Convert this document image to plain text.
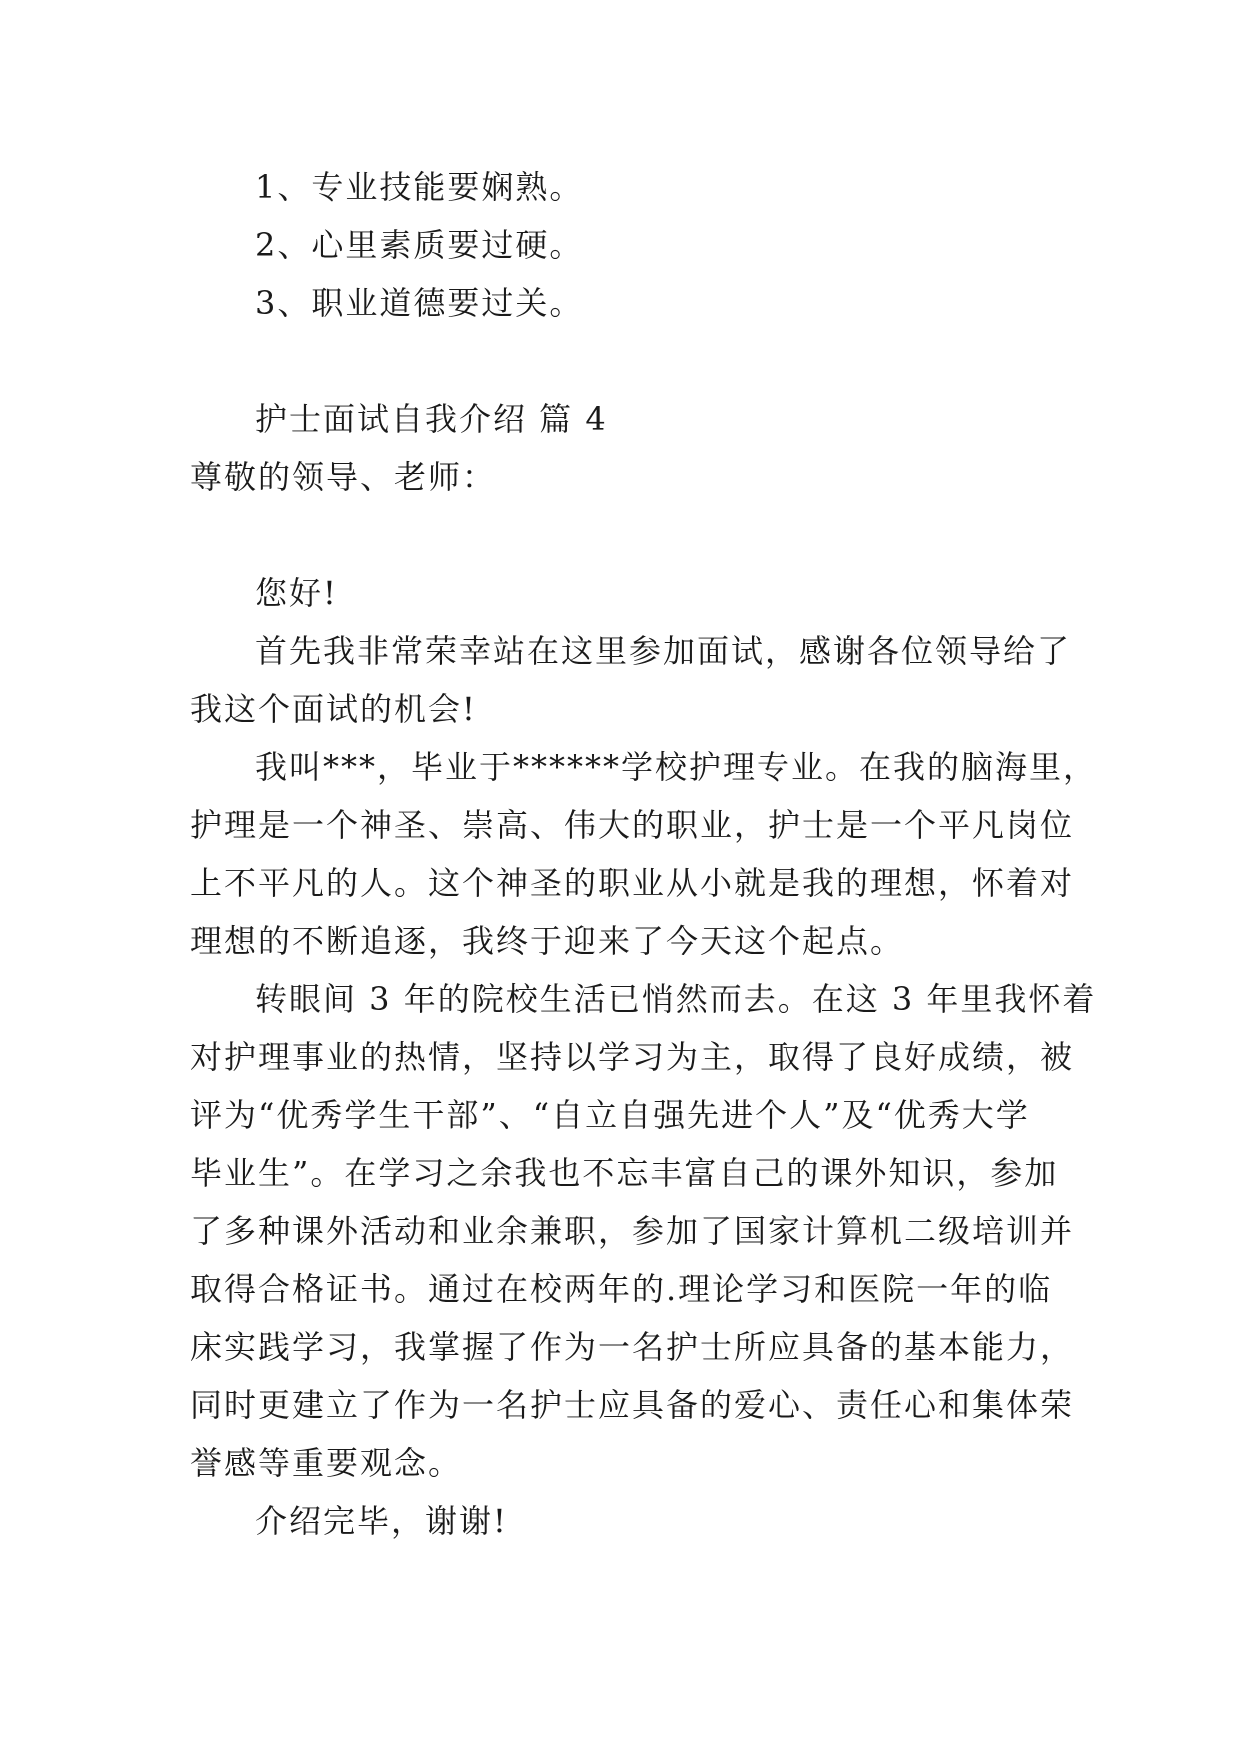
1、专业技能要娴熟。

2、心里素质要过硬。

3、职业道德要过关。

护士面试自我介绍 篇 4

尊敬的领导、老师：

您好!

首先我非常荣幸站在这里参加面试，感谢各位领导给了

我这个面试的机会!

我叫***，毕业于******学校护理专业。在我的脑海里，

护理是一个神圣、崇高、伟大的职业，护士是一个平凡岗位

上不平凡的人。这个神圣的职业从小就是我的理想，怀着对

理想的不断追逐，我终于迎来了今天这个起点。

转眼间 3 年的院校生活已悄然而去。在这 3 年里我怀着

对护理事业的热情，坚持以学习为主，取得了良好成绩，被

评为“优秀学生干部”、“自立自强先进个人”及“优秀大学

毕业生”。在学习之余我也不忘丰富自己的课外知识，参加

了多种课外活动和业余兼职，参加了国家计算机二级培训并

取得合格证书。通过在校两年的.理论学习和医院一年的临

床实践学习，我掌握了作为一名护士所应具备的基本能力，

同时更建立了作为一名护士应具备的爱心、责任心和集体荣

誉感等重要观念。

介绍完毕，谢谢!
